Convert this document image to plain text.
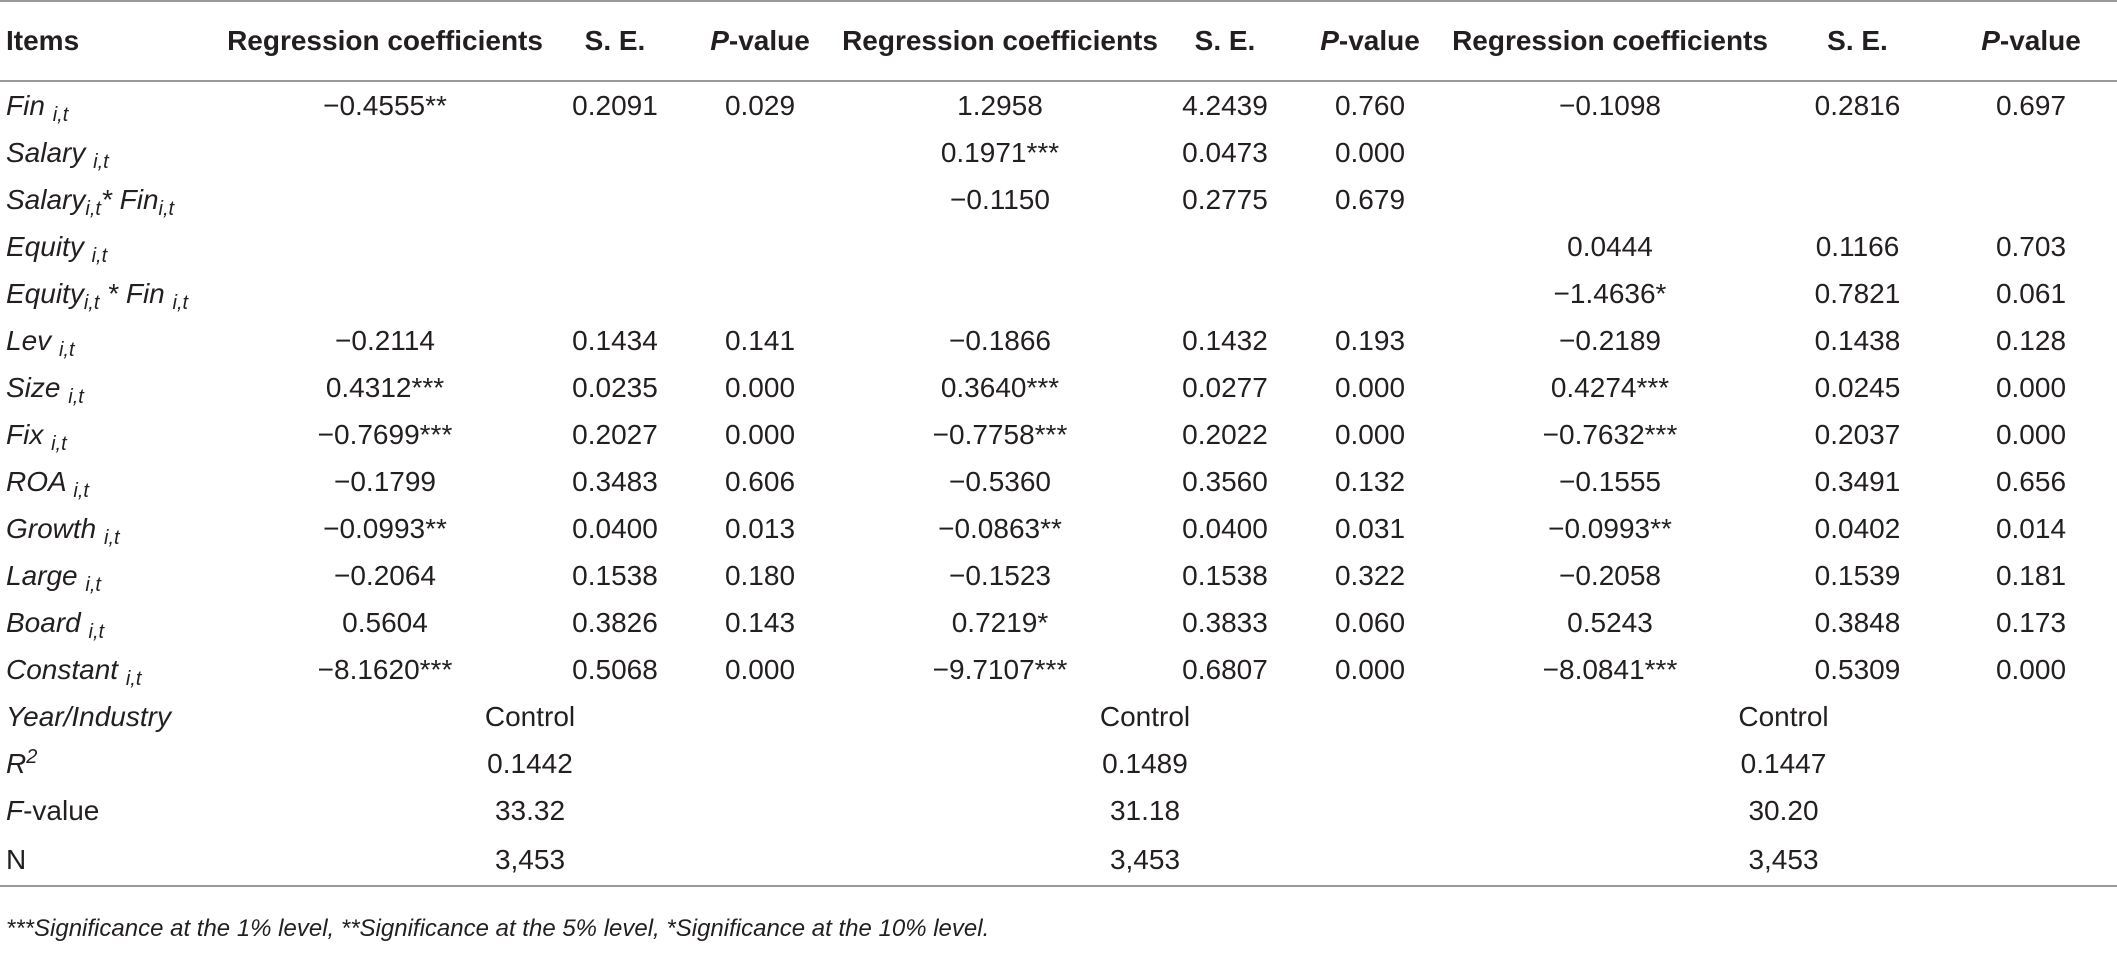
Items	Regression coefficients	S. E.	P-value	Regression coefficients	S. E.	P-value	Regression coefficients	S. E.	P-value
Fin $_{i,t}$	−0.4555**	0.2091	0.029	1.2958	4.2439	0.760	−0.1098	0.2816	0.697
Salary $_{i,t}$				0.1971***	0.0473	0.000			
Salary$_{i,t}$* Fin$_{i,t}$				−0.1150	0.2775	0.679			
Equity $_{i,t}$							0.0444	0.1166	0.703
Equity$_{i,t}$ * Fin $_{i,t}$							−1.4636*	0.7821	0.061
Lev $_{i,t}$	−0.2114	0.1434	0.141	−0.1866	0.1432	0.193	−0.2189	0.1438	0.128
Size $_{i,t}$	0.4312***	0.0235	0.000	0.3640***	0.0277	0.000	0.4274***	0.0245	0.000
Fix $_{i,t}$	−0.7699***	0.2027	0.000	−0.7758***	0.2022	0.000	−0.7632***	0.2037	0.000
ROA $_{i,t}$	−0.1799	0.3483	0.606	−0.5360	0.3560	0.132	−0.1555	0.3491	0.656
Growth $_{i,t}$	−0.0993**	0.0400	0.013	−0.0863**	0.0400	0.031	−0.0993**	0.0402	0.014
Large $_{i,t}$	−0.2064	0.1538	0.180	−0.1523	0.1538	0.322	−0.2058	0.1539	0.181
Board $_{i,t}$	0.5604	0.3826	0.143	0.7219*	0.3833	0.060	0.5243	0.3848	0.173
Constant $_{i,t}$	−8.1620***	0.5068	0.000	−9.7107***	0.6807	0.000	−8.0841***	0.5309	0.000
Year/Industry	Control			Control			Control		
$R^2$	0.1442			0.1489			0.1447		
F-value	33.32			31.18			30.20		
N	3,453			3,453			3,453		
***Significance at the 1% level, **Significance at the 5% level, *Significance at the 10% level.
